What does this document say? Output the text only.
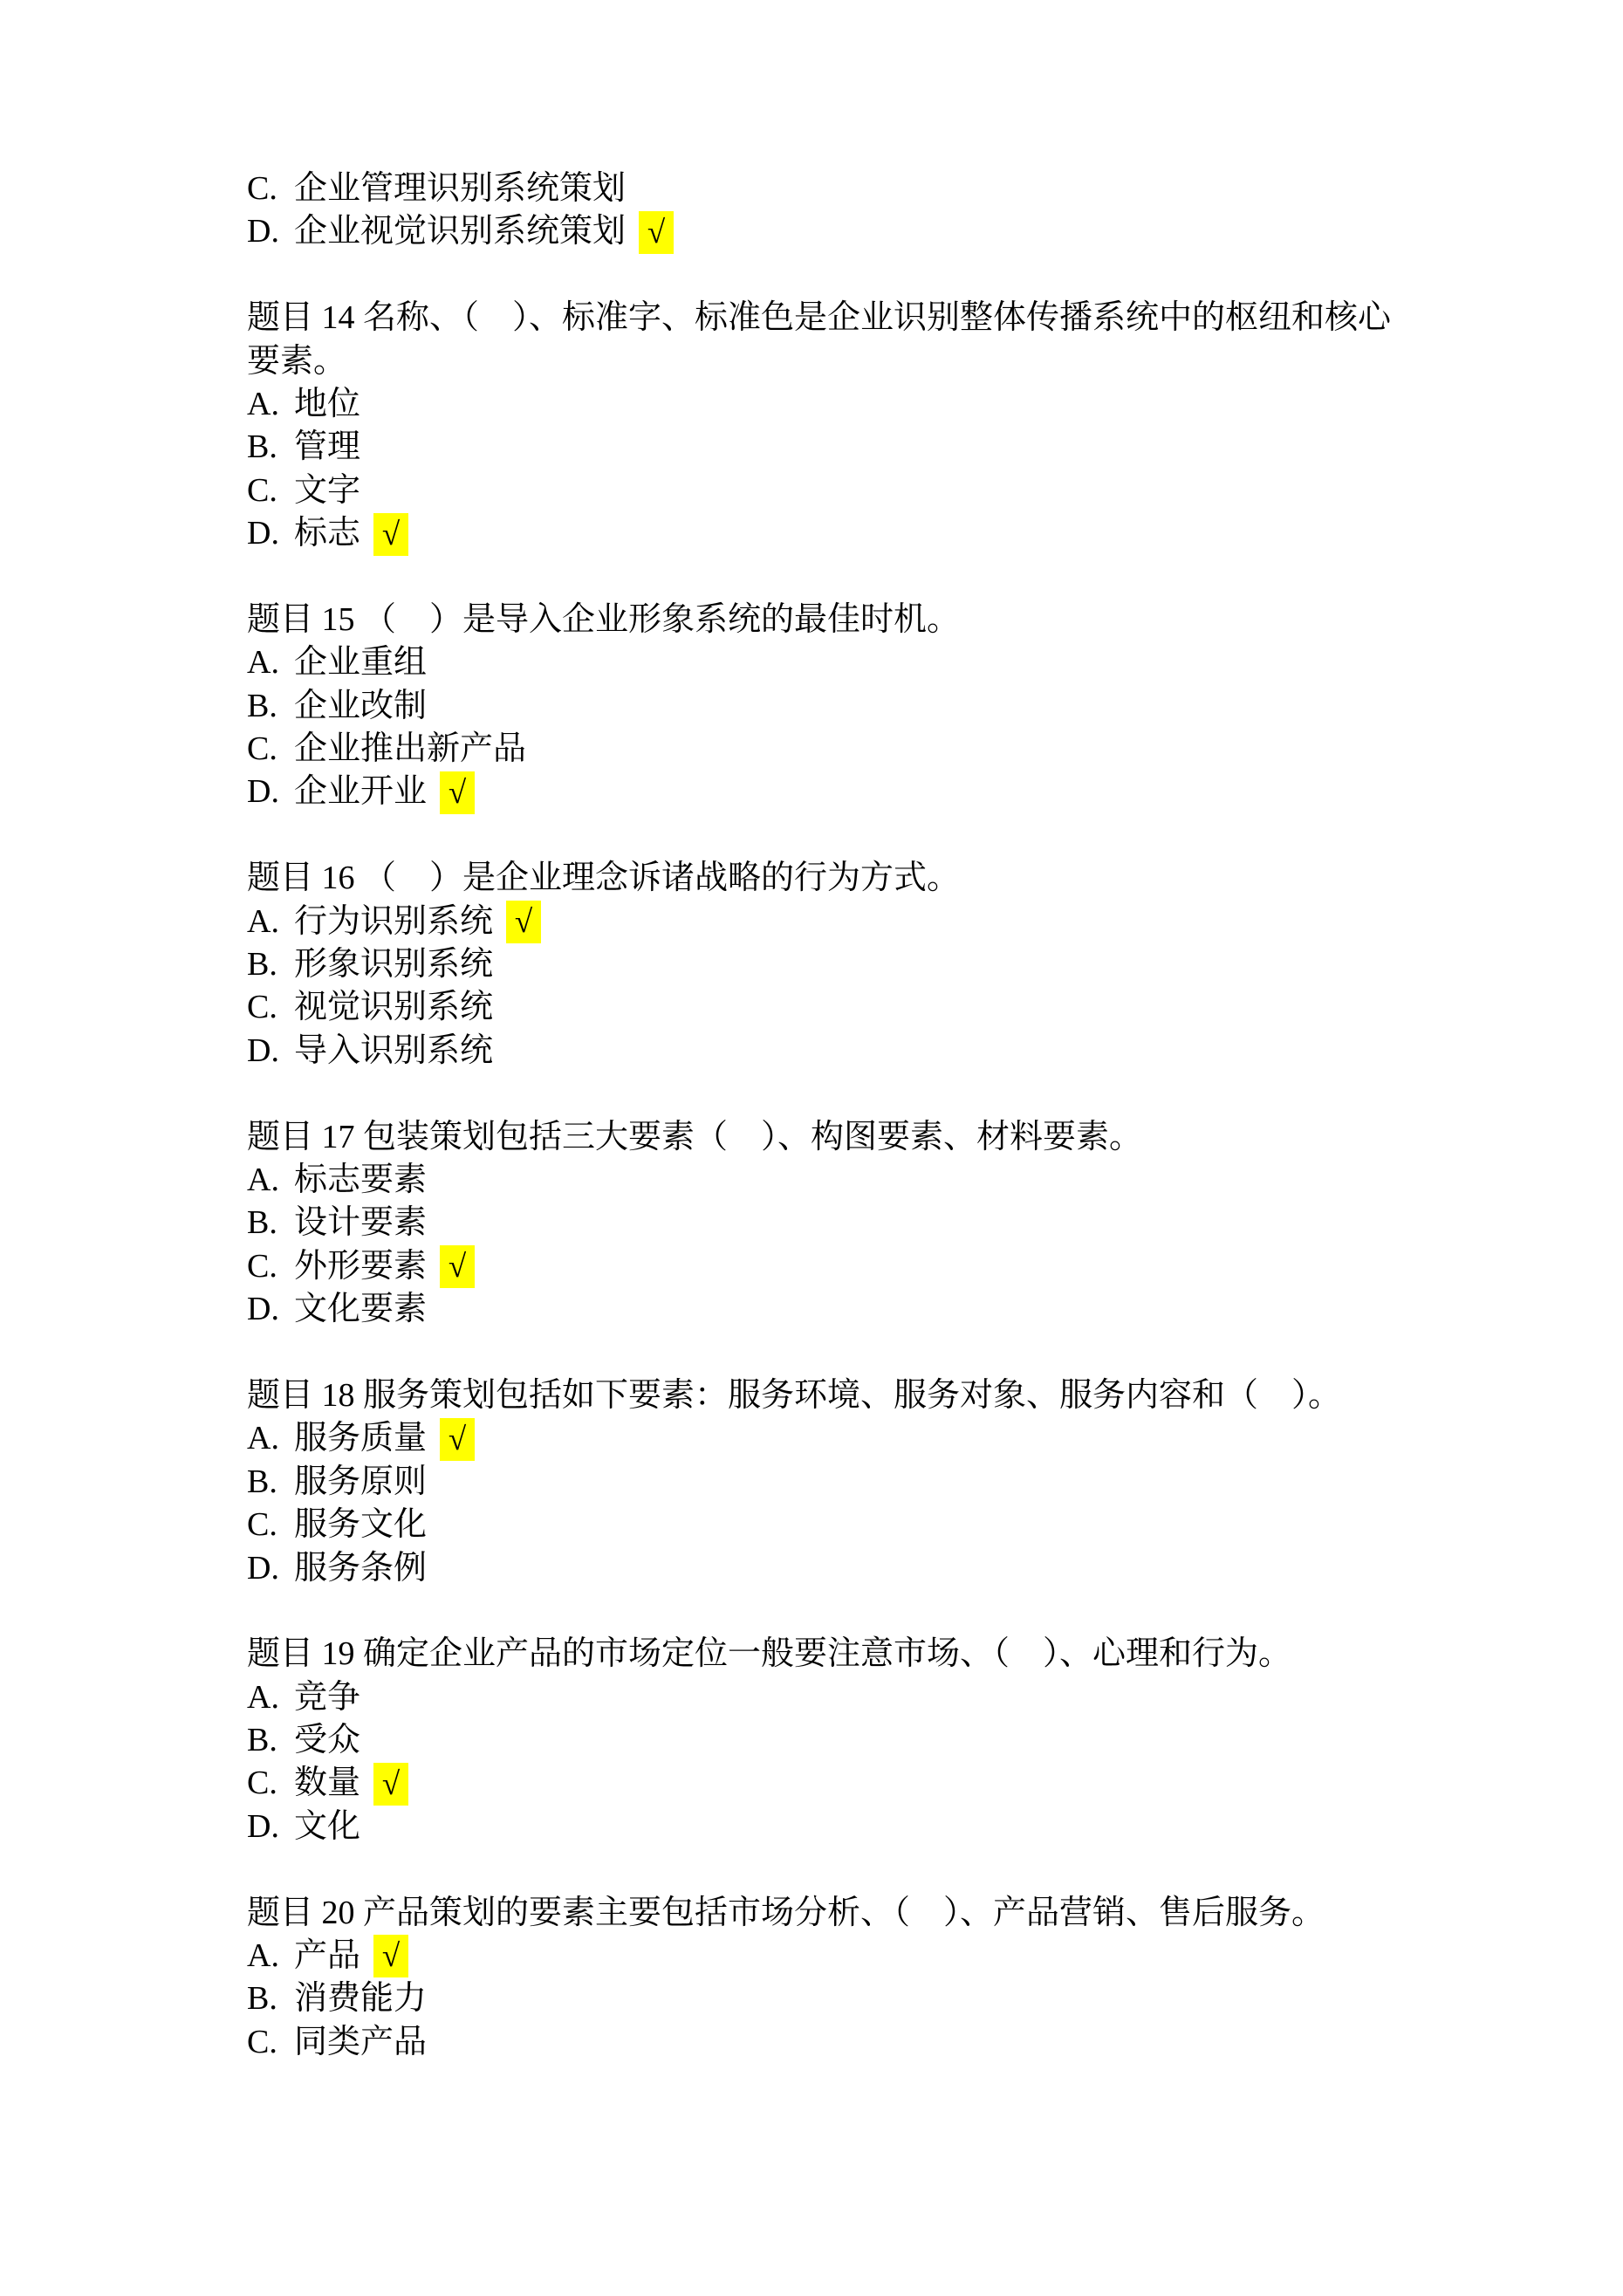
C. 企业管理识别系统策划
D. 企业视觉识别系统策划 √
题目 14 名称、（　）、标准字、标准色是企业识别整体传播系统中的枢纽和核心
要素。
A. 地位
B. 管理
C. 文字
D. 标志 √
题目 15 （　）是导入企业形象系统的最佳时机。
A. 企业重组
B. 企业改制
C. 企业推出新产品
D. 企业开业 √
题目 16 （　）是企业理念诉诸战略的行为方式。
A. 行为识别系统 √
B. 形象识别系统
C. 视觉识别系统
D. 导入识别系统
题目 17 包装策划包括三大要素（　）、构图要素、材料要素。
A. 标志要素
B. 设计要素
C. 外形要素 √
D. 文化要素
题目 18 服务策划包括如下要素：服务环境、服务对象、服务内容和（　）。
A. 服务质量 √
B. 服务原则
C. 服务文化
D. 服务条例
题目 19 确定企业产品的市场定位一般要注意市场、（　）、心理和行为。
A. 竞争
B. 受众
C. 数量 √
D. 文化
题目 20 产品策划的要素主要包括市场分析、（　）、产品营销、售后服务。
A. 产品 √
B. 消费能力
C. 同类产品
